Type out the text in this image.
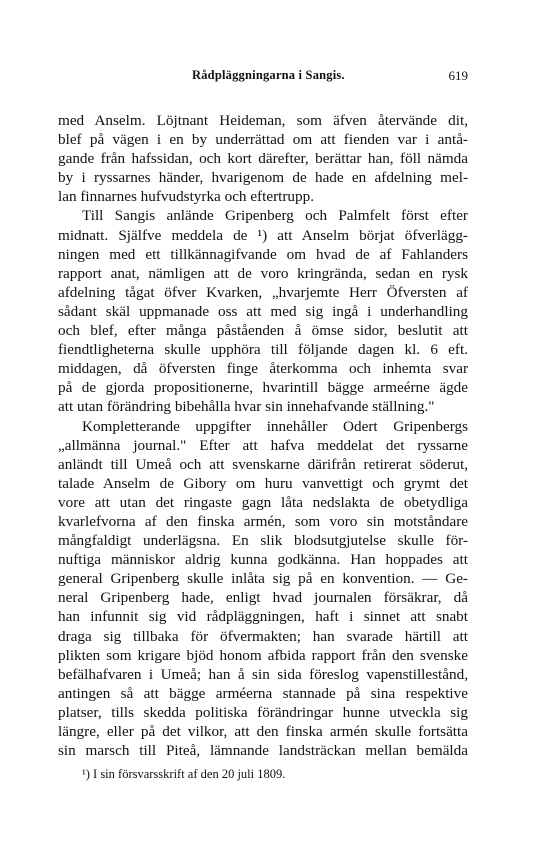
Rådpläggningarna i Sangis.	619
med Anselm. Löjtnant Heideman, som äfven återvände dit,
blef på vägen i en by underrättad om att fienden var i antå-
gande från hafssidan, och kort därefter, berättar han, föll nämda
by i ryssarnes händer, hvarigenom de hade en afdelning mel-
lan finnarnes hufvudstyrka och eftertrupp.
Till Sangis anlände Gripenberg och Palmfelt först efter
midnatt. Själfve meddela de ¹) att Anselm börjat öfverlägg-
ningen med ett tillkännagifvande om hvad de af Fahlanders
rapport anat, nämligen att de voro kringrända, sedan en rysk
afdelning tågat öfver Kvarken, „hvarjemte Herr Öfversten af
sådant skäl uppmanade oss att med sig ingå i underhandling
och blef, efter många påståenden å ömse sidor, beslutit att
fiendtligheterna skulle upphöra till följande dagen kl. 6 eft.
middagen, då öfversten finge återkomma och inhemta svar
på de gjorda propositionerne, hvarintill bägge armeérne ägde
att utan förändring bibehålla hvar sin innehafvande ställning."
Kompletterande uppgifter innehåller Odert Gripenbergs
„allmänna journal." Efter att hafva meddelat det ryssarne
anländt till Umeå och att svenskarne därifrån retirerat söderut,
talade Anselm de Gibory om huru vanvettigt och grymt det
vore att utan det ringaste gagn låta nedslakta de obetydliga
kvarlefvorna af den finska armén, som voro sin motståndare
mångfaldigt underlägsna. En slik blodsutgjutelse skulle för-
nuftiga människor aldrig kunna godkänna. Han hoppades att
general Gripenberg skulle inlåta sig på en konvention. — Ge-
neral Gripenberg hade, enligt hvad journalen försäkrar, då
han infunnit sig vid rådpläggningen, haft i sinnet att snabt
draga sig tillbaka för öfvermakten; han svarade härtill att
plikten som krigare bjöd honom afbida rapport från den svenske
befälhafvaren i Umeå; han å sin sida föreslog vapenstillestånd,
antingen så att bägge arméerna stannade på sina respektive
platser, tills skedda politiska förändringar hunne utveckla sig
längre, eller på det vilkor, att den finska armén skulle fortsätta
sin marsch till Piteå, lämnande landsträckan mellan bemälda
¹) I sin försvarsskrift af den 20 juli 1809.
